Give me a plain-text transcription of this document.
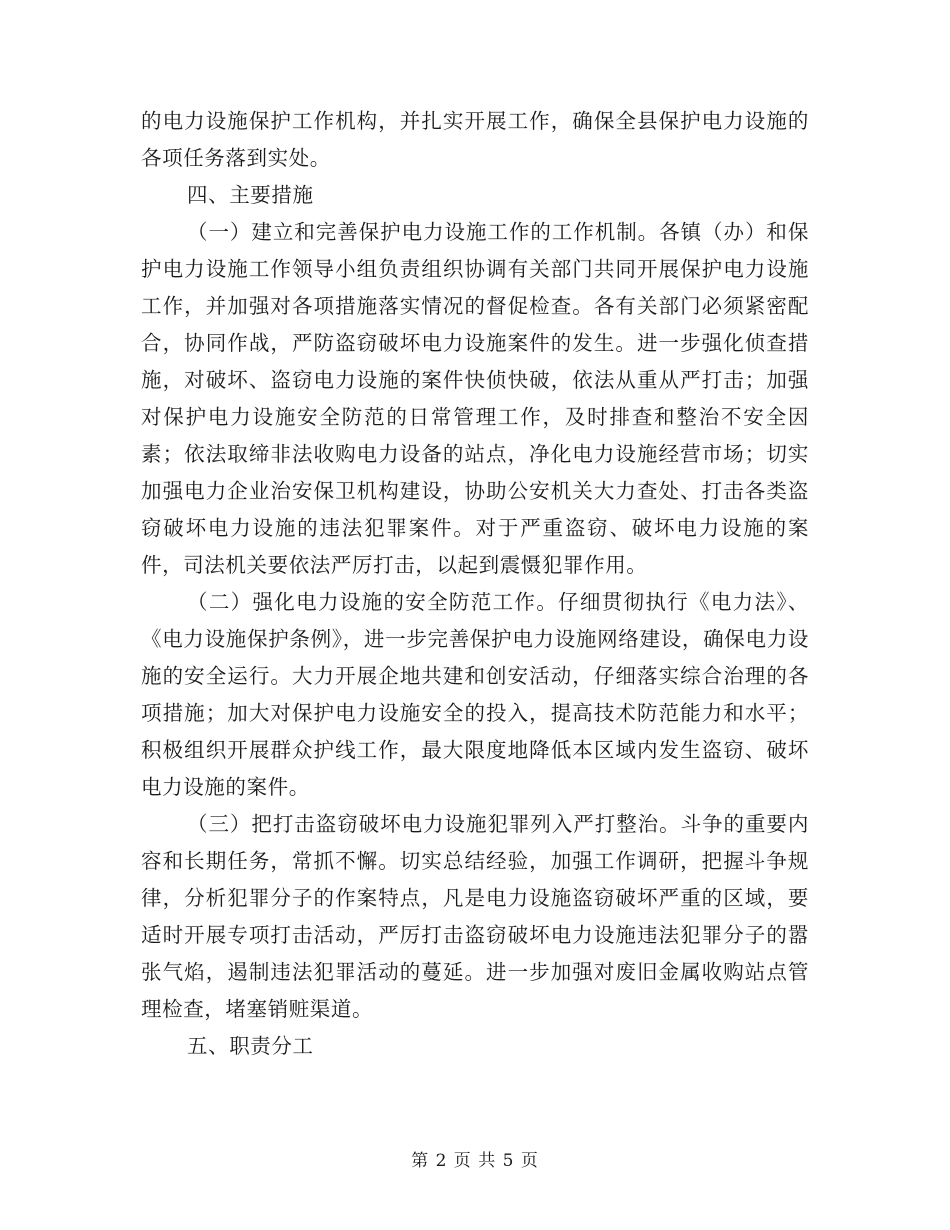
的电力设施保护工作机构，并扎实开展工作，确保全县保护电力设施的各项任务落到实处。

四、主要措施

（一）建立和完善保护电力设施工作的工作机制。各镇（办）和保护电力设施工作领导小组负责组织协调有关部门共同开展保护电力设施工作，并加强对各项措施落实情况的督促检查。各有关部门必须紧密配合，协同作战，严防盗窃破坏电力设施案件的发生。进一步强化侦查措施，对破坏、盗窃电力设施的案件快侦快破，依法从重从严打击；加强对保护电力设施安全防范的日常管理工作，及时排查和整治不安全因素；依法取缔非法收购电力设备的站点，净化电力设施经营市场；切实加强电力企业治安保卫机构建设，协助公安机关大力查处、打击各类盗窃破坏电力设施的违法犯罪案件。对于严重盗窃、破坏电力设施的案件，司法机关要依法严厉打击，以起到震慑犯罪作用。

（二）强化电力设施的安全防范工作。仔细贯彻执行《电力法》、《电力设施保护条例》，进一步完善保护电力设施网络建设，确保电力设施的安全运行。大力开展企地共建和创安活动，仔细落实综合治理的各项措施；加大对保护电力设施安全的投入，提高技术防范能力和水平；积极组织开展群众护线工作，最大限度地降低本区域内发生盗窃、破坏电力设施的案件。

（三）把打击盗窃破坏电力设施犯罪列入严打整治。斗争的重要内容和长期任务，常抓不懈。切实总结经验，加强工作调研，把握斗争规律，分析犯罪分子的作案特点，凡是电力设施盗窃破坏严重的区域，要适时开展专项打击活动，严厉打击盗窃破坏电力设施违法犯罪分子的嚣张气焰，遏制违法犯罪活动的蔓延。进一步加强对废旧金属收购站点管理检查，堵塞销赃渠道。

五、职责分工

第 2 页 共 5 页
